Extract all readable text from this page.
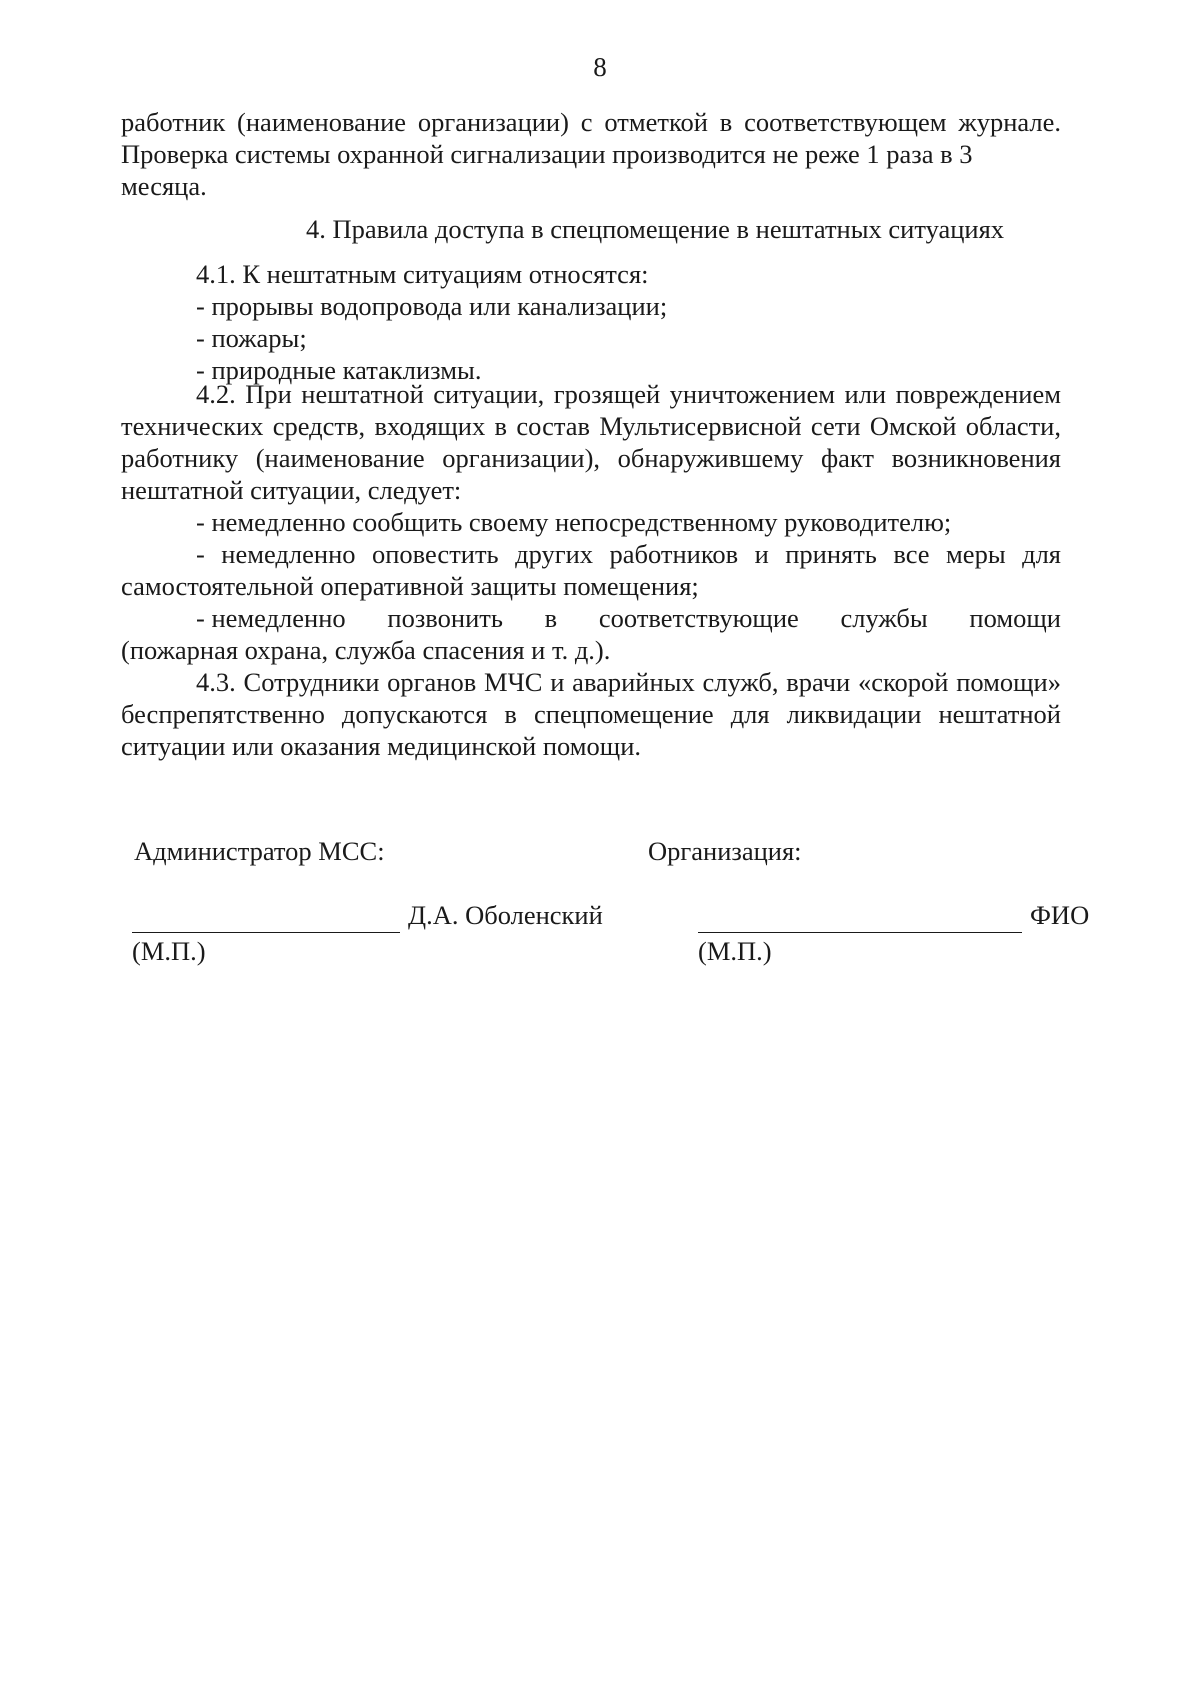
8
работник (наименование организации) с отметкой в соответствующем журнале.

Проверка системы охранной сигнализации производится не реже 1 раза в 3 месяца.

4. Правила доступа в спецпомещение в нештатных ситуациях

4.1. К нештатным ситуациям относятся:

- прорывы водопровода или канализации;

- пожары;

- природные катаклизмы.

4.2. При нештатной ситуации, грозящей уничтожением или повреждением технических средств, входящих в состав Мультисервисной сети Омской области, работнику (наименование организации), обнаружившему факт возникновения нештатной ситуации, следует:

- немедленно сообщить своему непосредственному руководителю;

- немедленно оповестить других работников и принять все меры для самостоятельной оперативной защиты помещения;

- немедленно позвонить в соответствующие службы помощи

(пожарная охрана, служба спасения и т. д.).

4.3. Сотрудники органов МЧС и аварийных служб, врачи «скорой помощи» беспрепятственно допускаются в спецпомещение для ликвидации нештатной ситуации или оказания медицинской помощи.

Администратор МСС:	Организация:
Д.А. Оболенский
(М.П.)
ФИО
(М.П.)
